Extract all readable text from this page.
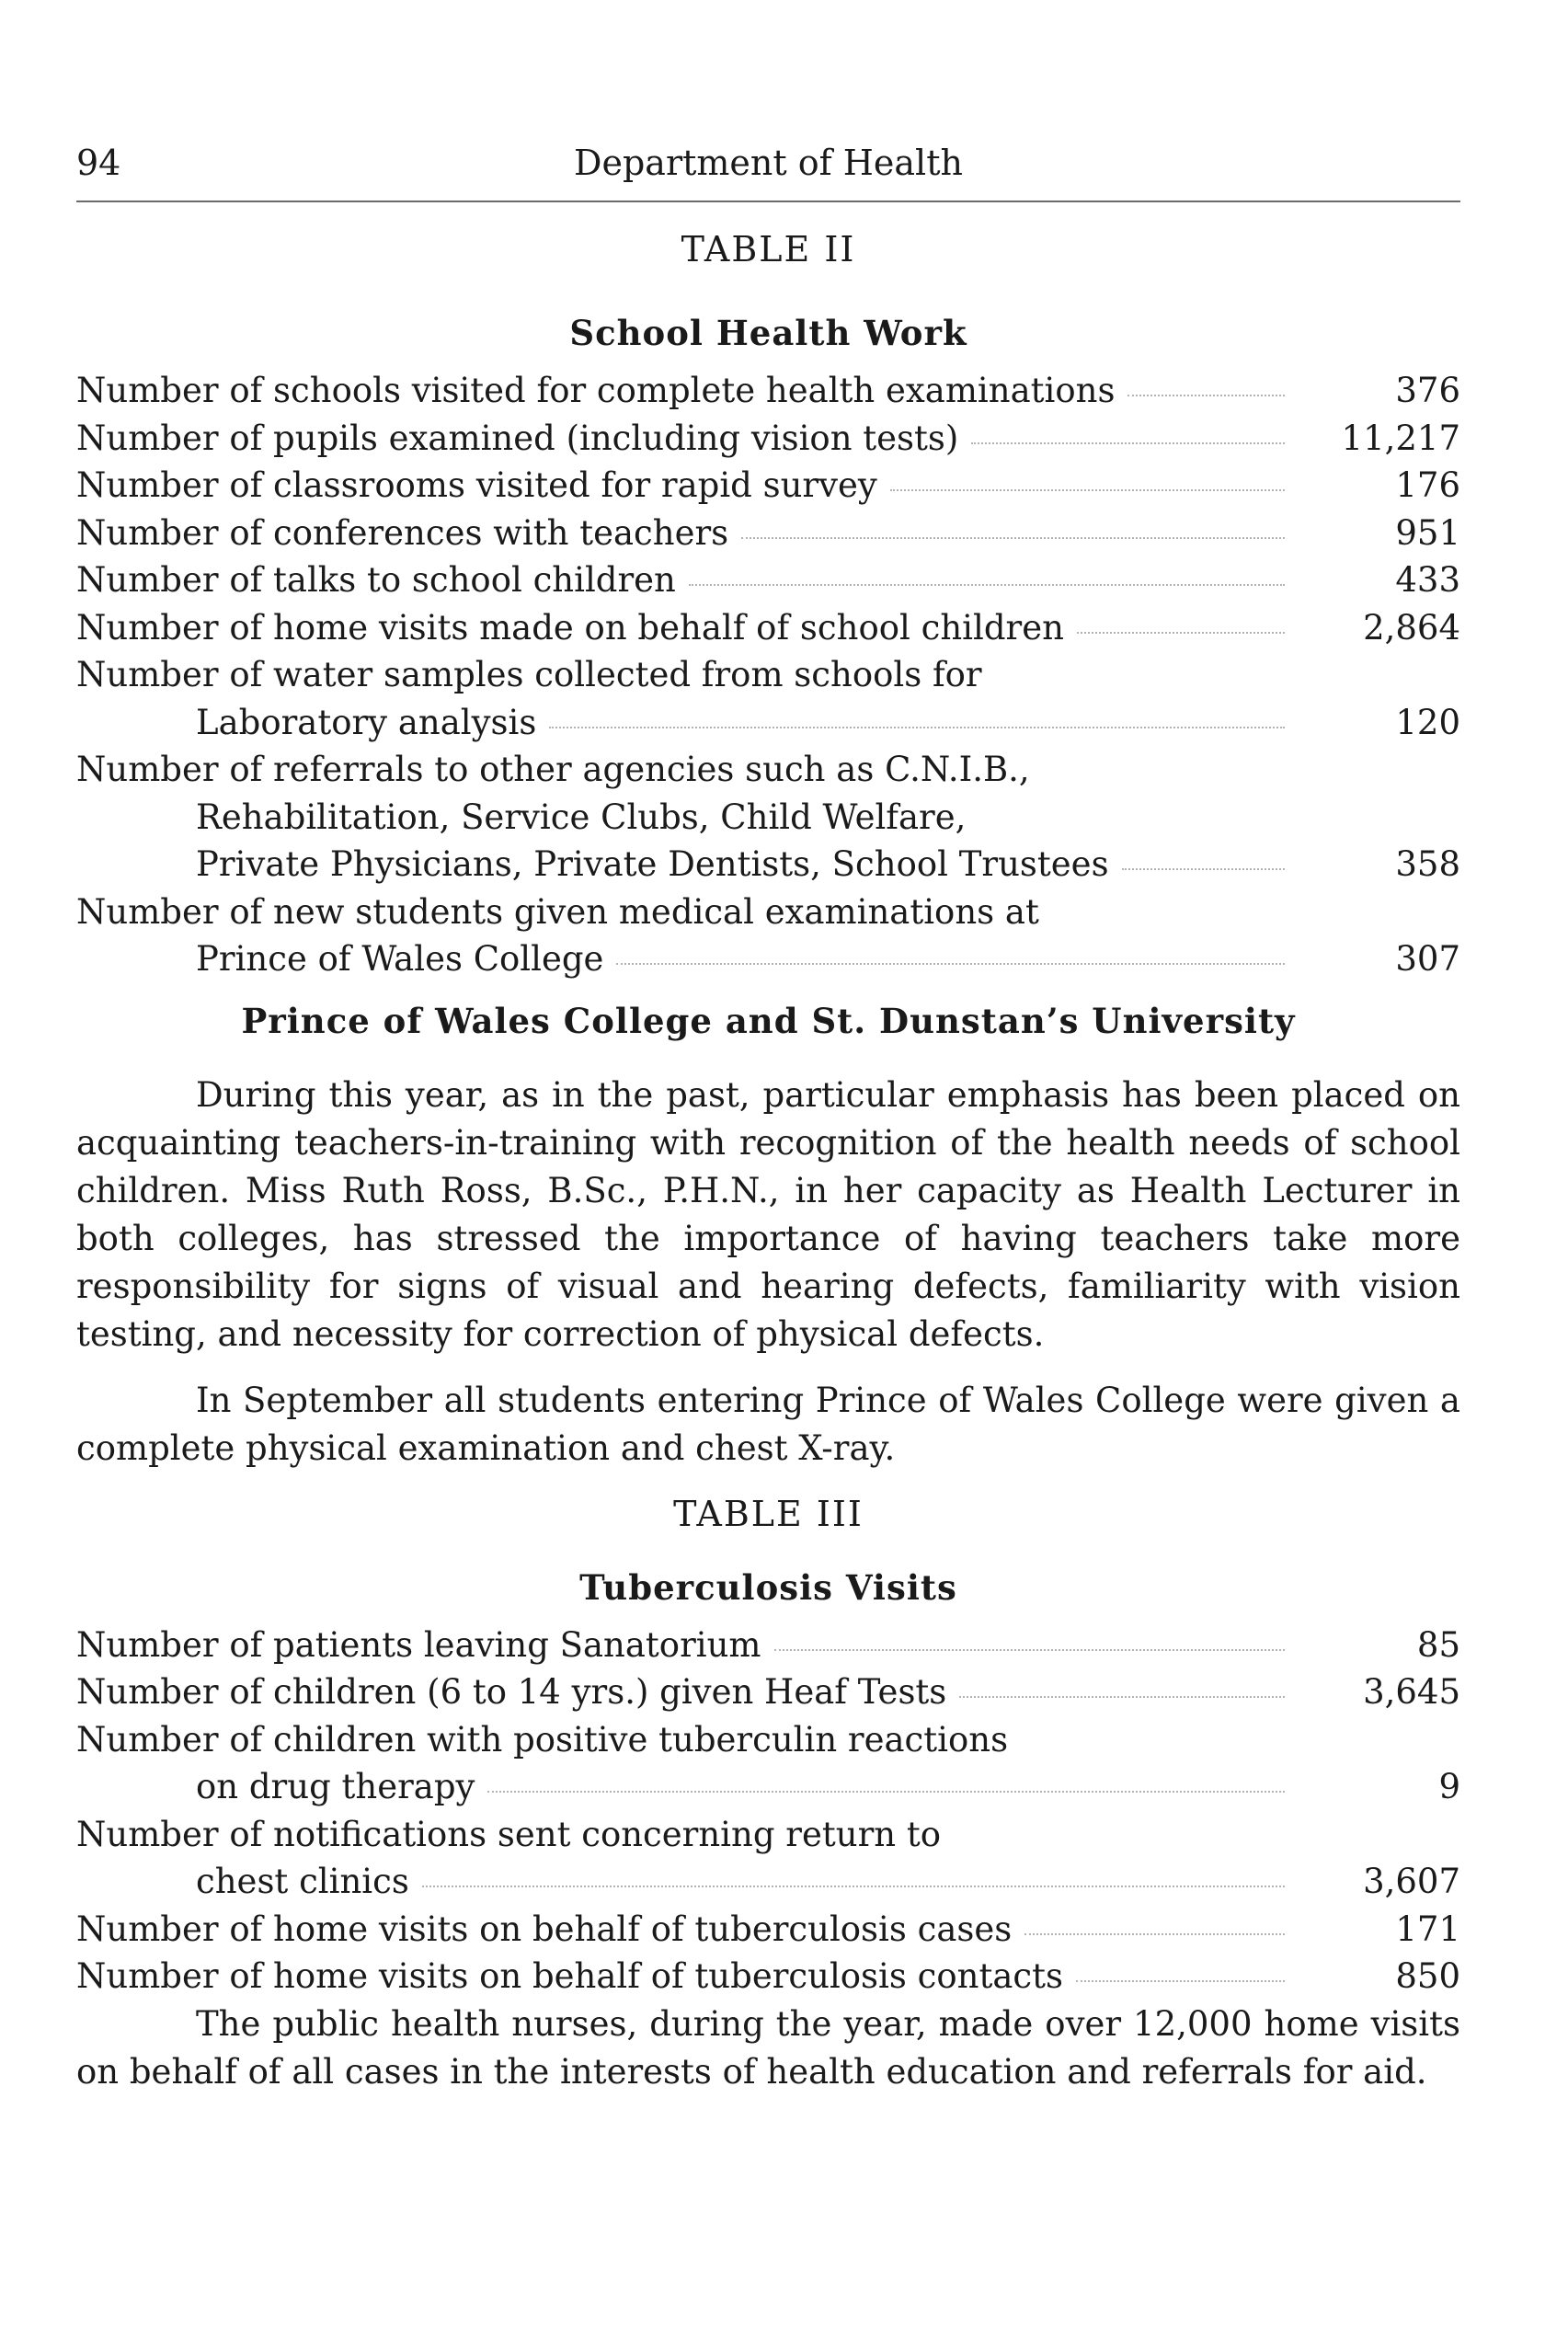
94	Department of Health
TABLE II
School Health Work
Number of schools visited for complete health examinations	376
Number of pupils examined (including vision tests)	11,217
Number of classrooms visited for rapid survey	176
Number of conferences with teachers	951
Number of talks to school children	433
Number of home visits made on behalf of school children	2,864
Number of water samples collected from schools for
Laboratory analysis	120
Number of referrals to other agencies such as C.N.I.B.,
Rehabilitation, Service Clubs, Child Welfare,
Private Physicians, Private Dentists, School Trustees	358
Number of new students given medical examinations at
Prince of Wales College	307
Prince of Wales College and St. Dunstan’s University

During this year, as in the past, particular emphasis has been placed on acquainting teachers-in-training with recognition of the health needs of school children. Miss Ruth Ross, B.Sc., P.H.N., in her capacity as Health Lecturer in both colleges, has stressed the importance of having teachers take more responsibility for signs of visual and hearing defects, familiarity with vision testing, and necessity for correction of physical defects.

In September all students entering Prince of Wales College were given a complete physical examination and chest X-ray.

TABLE III
Tuberculosis Visits
Number of patients leaving Sanatorium	85
Number of children (6 to 14 yrs.) given Heaf Tests	3,645
Number of children with positive tuberculin reactions
on drug therapy	9
Number of notifications sent concerning return to
chest clinics	3,607
Number of home visits on behalf of tuberculosis cases	171
Number of home visits on behalf of tuberculosis contacts	850

The public health nurses, during the year, made over 12,000 home visits on behalf of all cases in the interests of health education and referrals for aid.
